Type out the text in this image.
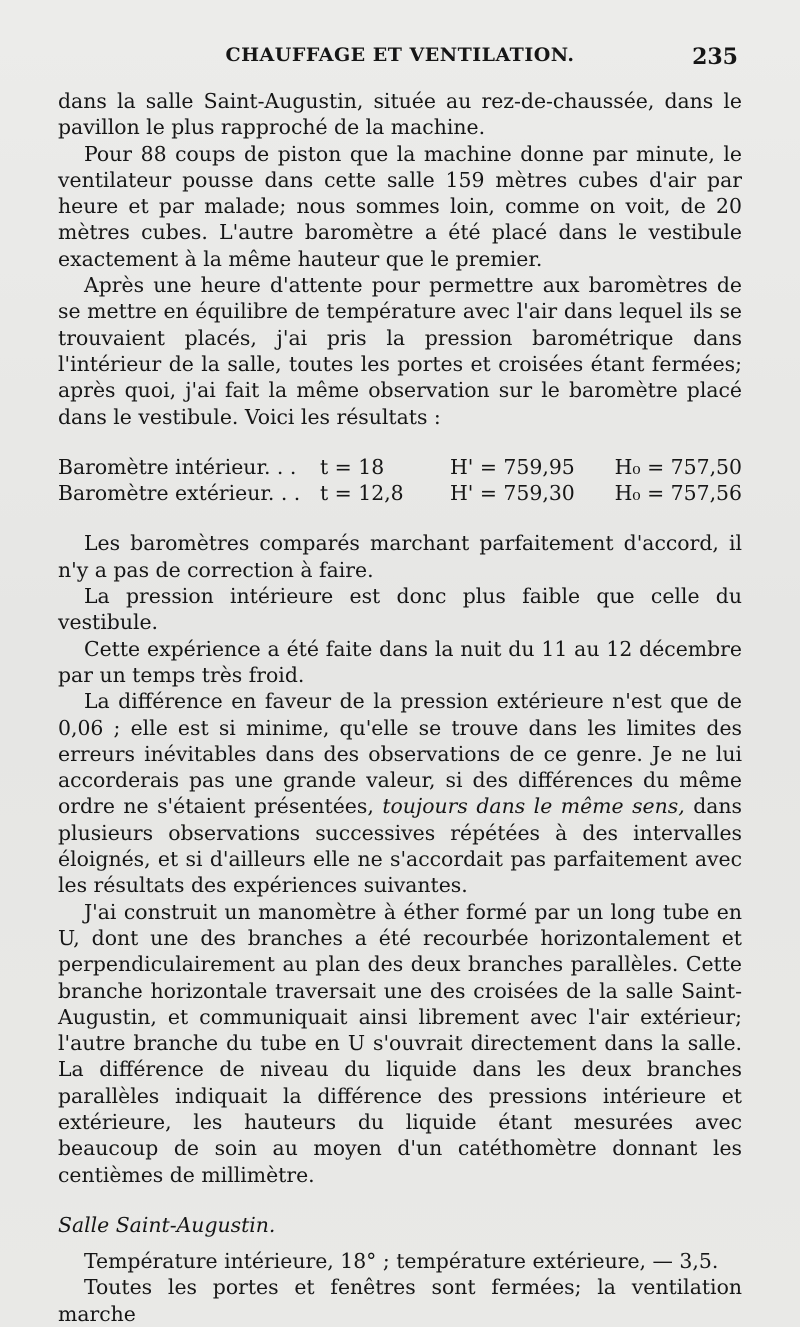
CHAUFFAGE ET VENTILATION.	235

dans la salle Saint-Augustin, située au rez-de-chaussée, dans le pavillon le plus rapproché de la machine.

Pour 88 coups de piston que la machine donne par minute, le ventilateur pousse dans cette salle 159 mètres cubes d'air par heure et par malade; nous sommes loin, comme on voit, de 20 mètres cubes. L'autre baromètre a été placé dans le vestibule exactement à la même hauteur que le premier.

Après une heure d'attente pour permettre aux baromètres de se mettre en équilibre de température avec l'air dans lequel ils se trouvaient placés, j'ai pris la pression barométrique dans l'intérieur de la salle, toutes les portes et croisées étant fermées; après quoi, j'ai fait la même observation sur le baromètre placé dans le vestibule. Voici les résultats :

Baromètre intérieur. . .	t = 18	H' = 759,95	H₀ = 757,50
Baromètre extérieur. . . t = 12,8	H' = 759,30	H₀ = 757,56

Les baromètres comparés marchant parfaitement d'accord, il n'y a pas de correction à faire.

La pression intérieure est donc plus faible que celle du vestibule.

Cette expérience a été faite dans la nuit du 11 au 12 décembre par un temps très froid.

La différence en faveur de la pression extérieure n'est que de 0,06 ; elle est si minime, qu'elle se trouve dans les limites des erreurs inévitables dans des observations de ce genre. Je ne lui accorderais pas une grande valeur, si des différences du même ordre ne s'étaient présentées, toujours dans le même sens, dans plusieurs observations successives répétées à des intervalles éloignés, et si d'ailleurs elle ne s'accordait pas parfaitement avec les résultats des expériences suivantes.

J'ai construit un manomètre à éther formé par un long tube en U, dont une des branches a été recourbée horizontalement et perpendiculairement au plan des deux branches parallèles. Cette branche horizontale traversait une des croisées de la salle Saint-Augustin, et communiquait ainsi librement avec l'air extérieur; l'autre branche du tube en U s'ouvrait directement dans la salle. La différence de niveau du liquide dans les deux branches parallèles indiquait la différence des pressions intérieure et extérieure, les hauteurs du liquide étant mesurées avec beaucoup de soin au moyen d'un catéthomètre donnant les centièmes de millimètre.

Salle Saint-Augustin.

Température intérieure, 18° ; température extérieure, — 3,5.

Toutes les portes et fenêtres sont fermées; la ventilation marche
